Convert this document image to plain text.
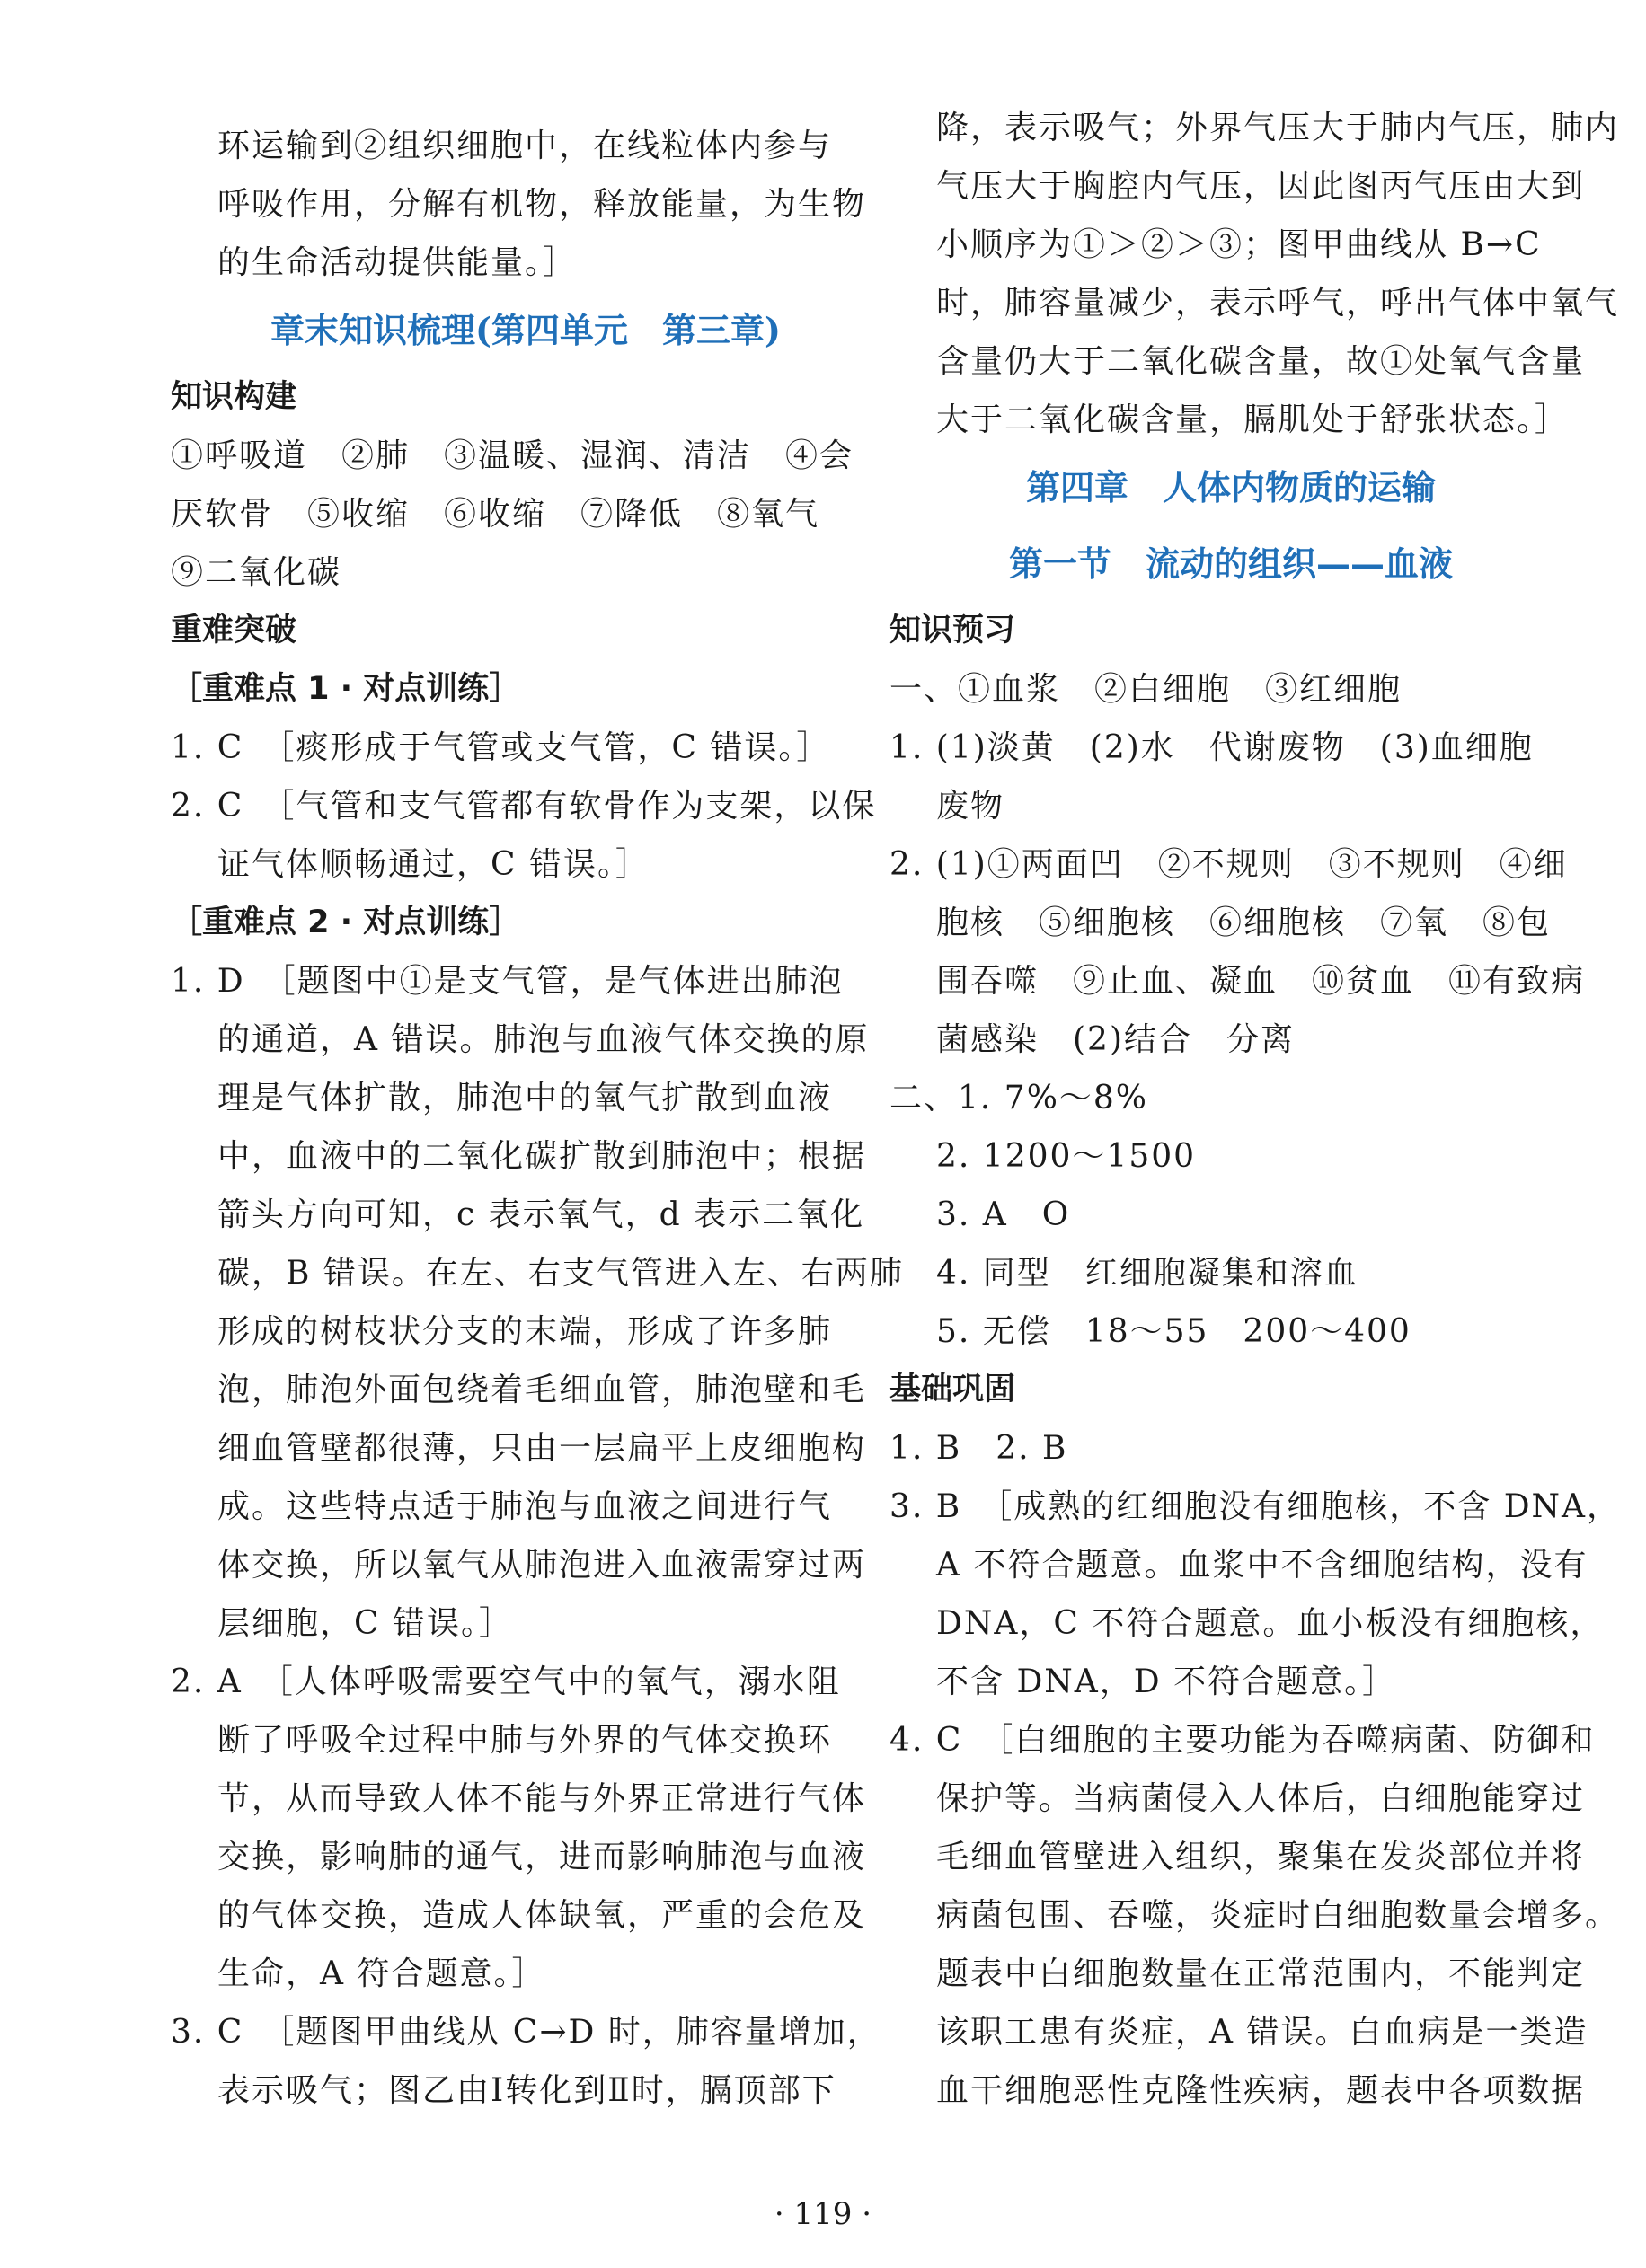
环运输到②组织细胞中，在线粒体内参与
呼吸作用，分解有机物，释放能量，为生物
的生命活动提供能量。］
章末知识梳理(第四单元　第三章)
知识构建
①呼吸道　②肺　③温暖、湿润、清洁　④会
厌软骨　⑤收缩　⑥收缩　⑦降低　⑧氧气
⑨二氧化碳
重难突破
［重难点 1 · 对点训练］
1. C　［痰形成于气管或支气管，C 错误。］
2. C　［气管和支气管都有软骨作为支架，以保
证气体顺畅通过，C 错误。］
［重难点 2 · 对点训练］
1. D　［题图中①是支气管，是气体进出肺泡
的通道，A 错误。肺泡与血液气体交换的原
理是气体扩散，肺泡中的氧气扩散到血液
中，血液中的二氧化碳扩散到肺泡中；根据
箭头方向可知，c 表示氧气，d 表示二氧化
碳，B 错误。在左、右支气管进入左、右两肺
形成的树枝状分支的末端，形成了许多肺
泡，肺泡外面包绕着毛细血管，肺泡壁和毛
细血管壁都很薄，只由一层扁平上皮细胞构
成。这些特点适于肺泡与血液之间进行气
体交换，所以氧气从肺泡进入血液需穿过两
层细胞，C 错误。］
2. A　［人体呼吸需要空气中的氧气，溺水阻
断了呼吸全过程中肺与外界的气体交换环
节，从而导致人体不能与外界正常进行气体
交换，影响肺的通气，进而影响肺泡与血液
的气体交换，造成人体缺氧，严重的会危及
生命，A 符合题意。］
3. C　［题图甲曲线从 C→D 时，肺容量增加，
表示吸气；图乙由Ⅰ转化到Ⅱ时，膈顶部下
降，表示吸气；外界气压大于肺内气压，肺内
气压大于胸腔内气压，因此图丙气压由大到
小顺序为①＞②＞③；图甲曲线从 B→C
时，肺容量减少，表示呼气，呼出气体中氧气
含量仍大于二氧化碳含量，故①处氧气含量
大于二氧化碳含量，膈肌处于舒张状态。］
第四章　人体内物质的运输
第一节　流动的组织——血液
知识预习
一、①血浆　②白细胞　③红细胞
1. (1)淡黄　(2)水　代谢废物　(3)血细胞
废物
2. (1)①两面凹　②不规则　③不规则　④细
胞核　⑤细胞核　⑥细胞核　⑦氧　⑧包
围吞噬　⑨止血、凝血　⑩贫血　⑪有致病
菌感染　(2)结合　分离
二、1. 7%～8%
2. 1200～1500
3. A　O
4. 同型　红细胞凝集和溶血
5. 无偿　18～55　200～400
基础巩固
1. B　2. B
3. B　［成熟的红细胞没有细胞核，不含 DNA，
A 不符合题意。血浆中不含细胞结构，没有
DNA，C 不符合题意。血小板没有细胞核，
不含 DNA，D 不符合题意。］
4. C　［白细胞的主要功能为吞噬病菌、防御和
保护等。当病菌侵入人体后，白细胞能穿过
毛细血管壁进入组织，聚集在发炎部位并将
病菌包围、吞噬，炎症时白细胞数量会增多。
题表中白细胞数量在正常范围内，不能判定
该职工患有炎症，A 错误。白血病是一类造
血干细胞恶性克隆性疾病，题表中各项数据
· 119 ·
